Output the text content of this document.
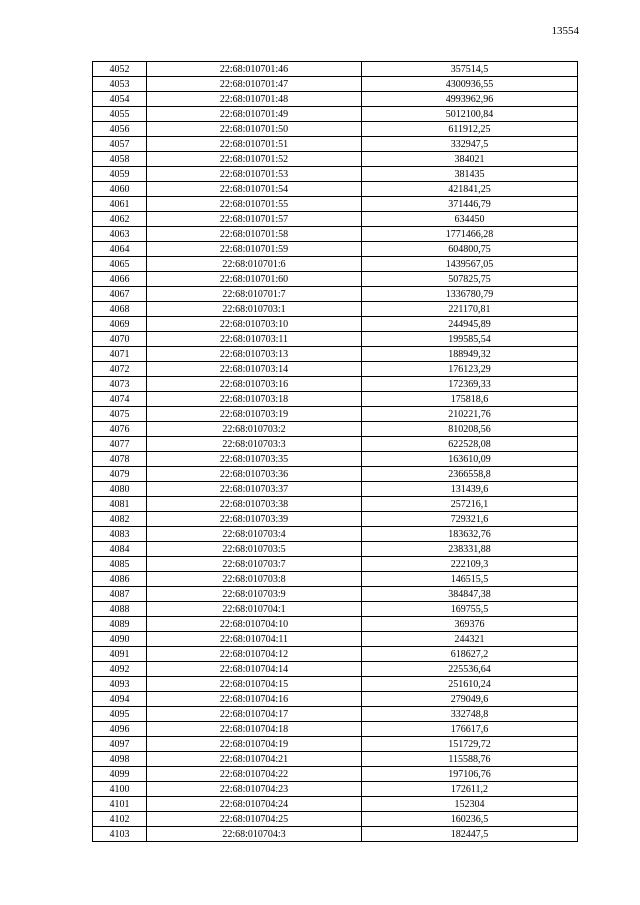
13554
4052	22:68:010701:46	357514,5
4053	22:68:010701:47	4300936,55
4054	22:68:010701:48	4993962,96
4055	22:68:010701:49	5012100,84
4056	22:68:010701:50	611912,25
4057	22:68:010701:51	332947,5
4058	22:68:010701:52	384021
4059	22:68:010701:53	381435
4060	22:68:010701:54	421841,25
4061	22:68:010701:55	371446,79
4062	22:68:010701:57	634450
4063	22:68:010701:58	1771466,28
4064	22:68:010701:59	604800,75
4065	22:68:010701:6	1439567,05
4066	22:68:010701:60	507825,75
4067	22:68:010701:7	1336780,79
4068	22:68:010703:1	221170,81
4069	22:68:010703:10	244945,89
4070	22:68:010703:11	199585,54
4071	22:68:010703:13	188949,32
4072	22:68:010703:14	176123,29
4073	22:68:010703:16	172369,33
4074	22:68:010703:18	175818,6
4075	22:68:010703:19	210221,76
4076	22:68:010703:2	810208,56
4077	22:68:010703:3	622528,08
4078	22:68:010703:35	163610,09
4079	22:68:010703:36	2366558,8
4080	22:68:010703:37	131439,6
4081	22:68:010703:38	257216,1
4082	22:68:010703:39	729321,6
4083	22:68:010703:4	183632,76
4084	22:68:010703:5	238331,88
4085	22:68:010703:7	222109,3
4086	22:68:010703:8	146515,5
4087	22:68:010703:9	384847,38
4088	22:68:010704:1	169755,5
4089	22:68:010704:10	369376
4090	22:68:010704:11	244321
4091	22:68:010704:12	618627,2
4092	22:68:010704:14	225536,64
4093	22:68:010704:15	251610,24
4094	22:68:010704:16	279049,6
4095	22:68:010704:17	332748,8
4096	22:68:010704:18	176617,6
4097	22:68:010704:19	151729,72
4098	22:68:010704:21	115588,76
4099	22:68:010704:22	197106,76
4100	22:68:010704:23	172611,2
4101	22:68:010704:24	152304
4102	22:68:010704:25	160236,5
4103	22:68:010704:3	182447,5
